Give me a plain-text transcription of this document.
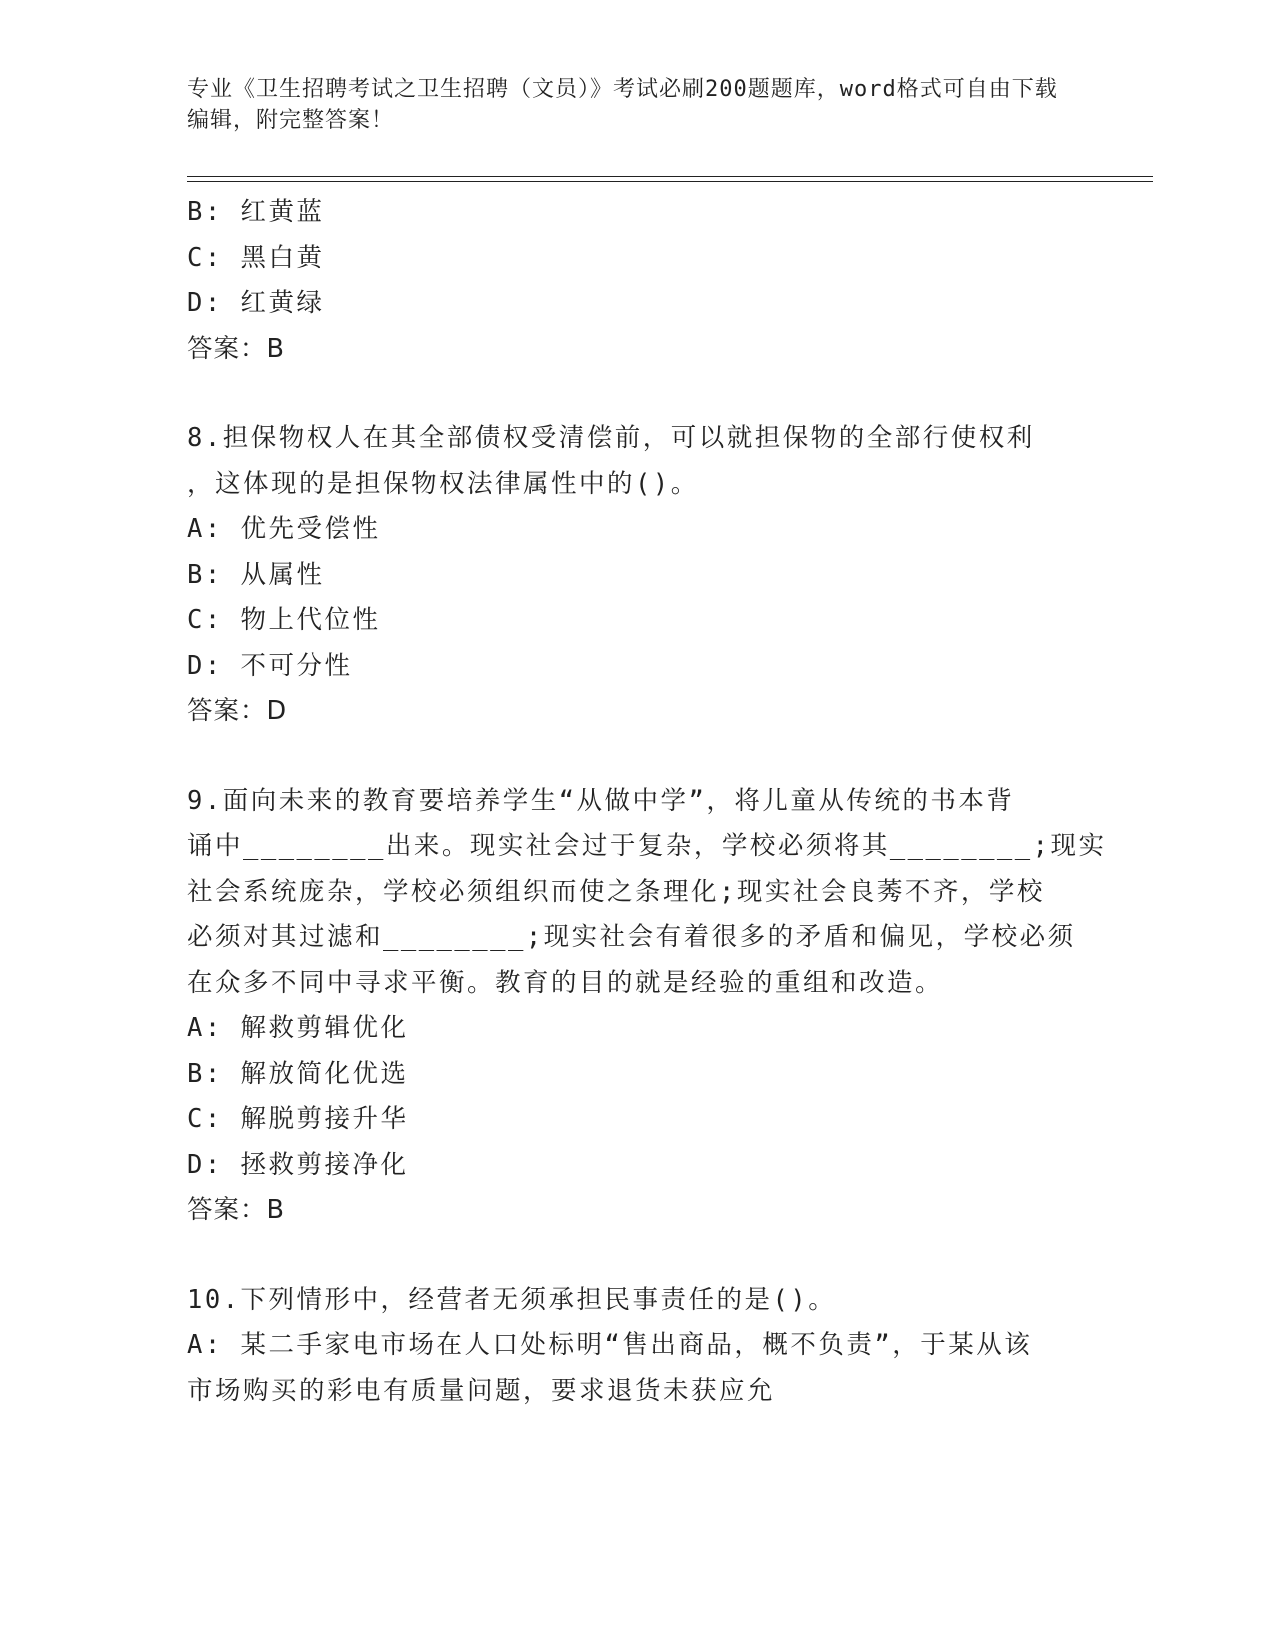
专业《卫生招聘考试之卫生招聘（文员）》考试必刷200题题库，word格式可自由下载编辑，附完整答案！
B: 红黄蓝
C: 黑白黄
D: 红黄绿
答案：B
8.担保物权人在其全部债权受清偿前，可以就担保物的全部行使权利
，这体现的是担保物权法律属性中的()。
A: 优先受偿性
B: 从属性
C: 物上代位性
D: 不可分性
答案：D
9.面向未来的教育要培养学生“从做中学”，将儿童从传统的书本背
诵中________出来。现实社会过于复杂，学校必须将其________;现实
社会系统庞杂，学校必须组织而使之条理化;现实社会良莠不齐，学校
必须对其过滤和________;现实社会有着很多的矛盾和偏见，学校必须
在众多不同中寻求平衡。教育的目的就是经验的重组和改造。
A: 解救剪辑优化
B: 解放简化优选
C: 解脱剪接升华
D: 拯救剪接净化
答案：B
10.下列情形中，经营者无须承担民事责任的是()。
A: 某二手家电市场在人口处标明“售出商品，概不负责”，于某从该
市场购买的彩电有质量问题，要求退货未获应允
